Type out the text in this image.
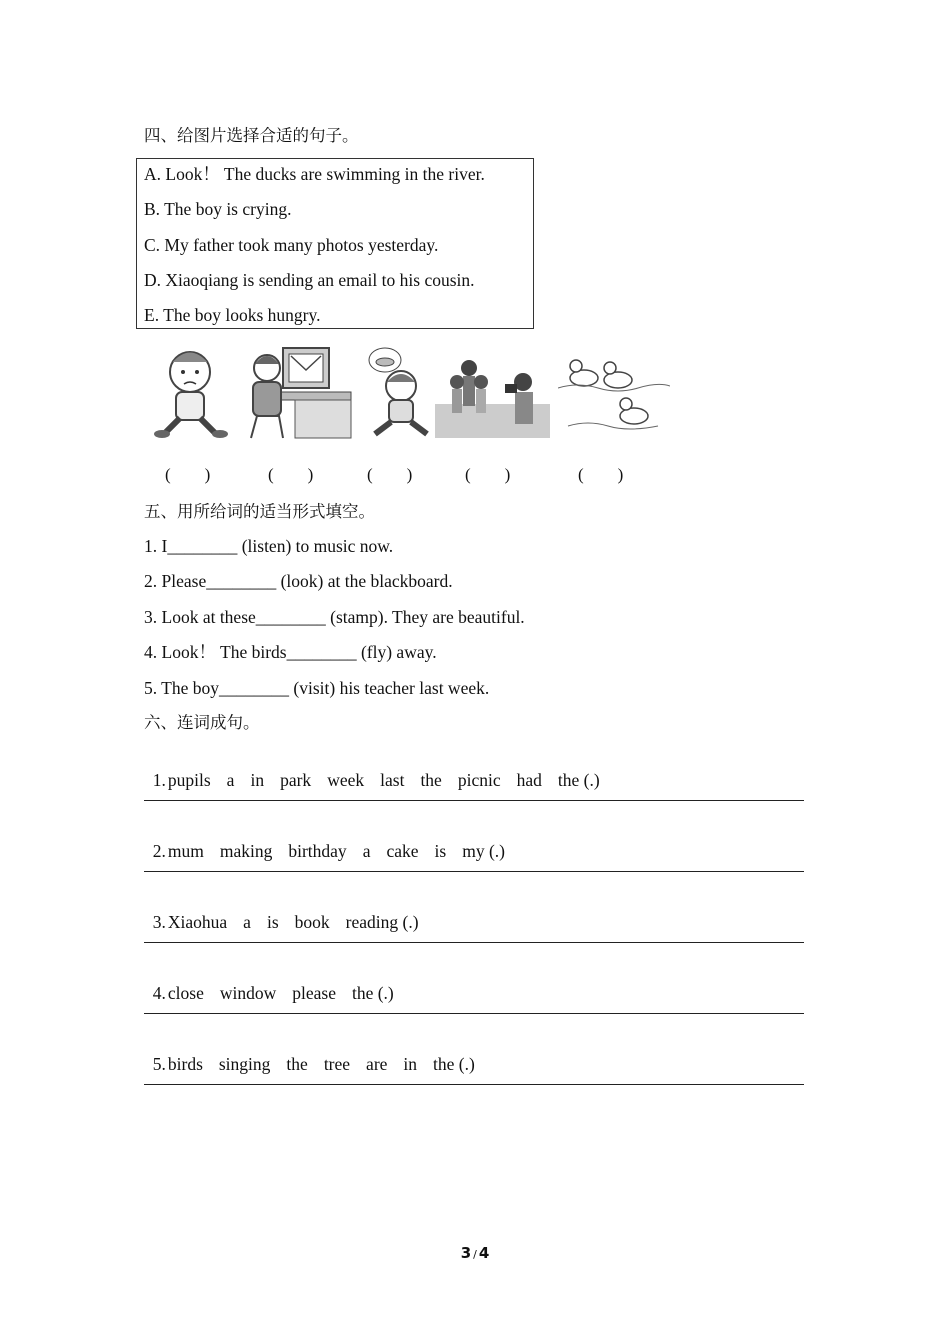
四、给图片选择合适的句子。
A. Look！ The ducks are swimming in the river.
B. The boy is crying.
C. My father took many photos yesterday.
D. Xiaoqiang is sending an email to his cousin.
E. The boy looks hungry.
(　　)	(　　)	(　　)	(　　)	(　　)
五、用所给词的适当形式填空。
1. I________ (listen) to music now.
2. Please________ (look) at the blackboard.
3. Look at these________ (stamp). They are beautiful.
4. Look！ The birds________ (fly) away.
5. The boy________ (visit) his teacher last week.
六、连词成句。

1. pupils a in park week last the picnic had the (.)

2. mum making birthday a cake is my (.)

3. Xiaohua a is book reading (.)

4. close window please the (.)

5. birds singing the tree are in the (.)

3 / 4
